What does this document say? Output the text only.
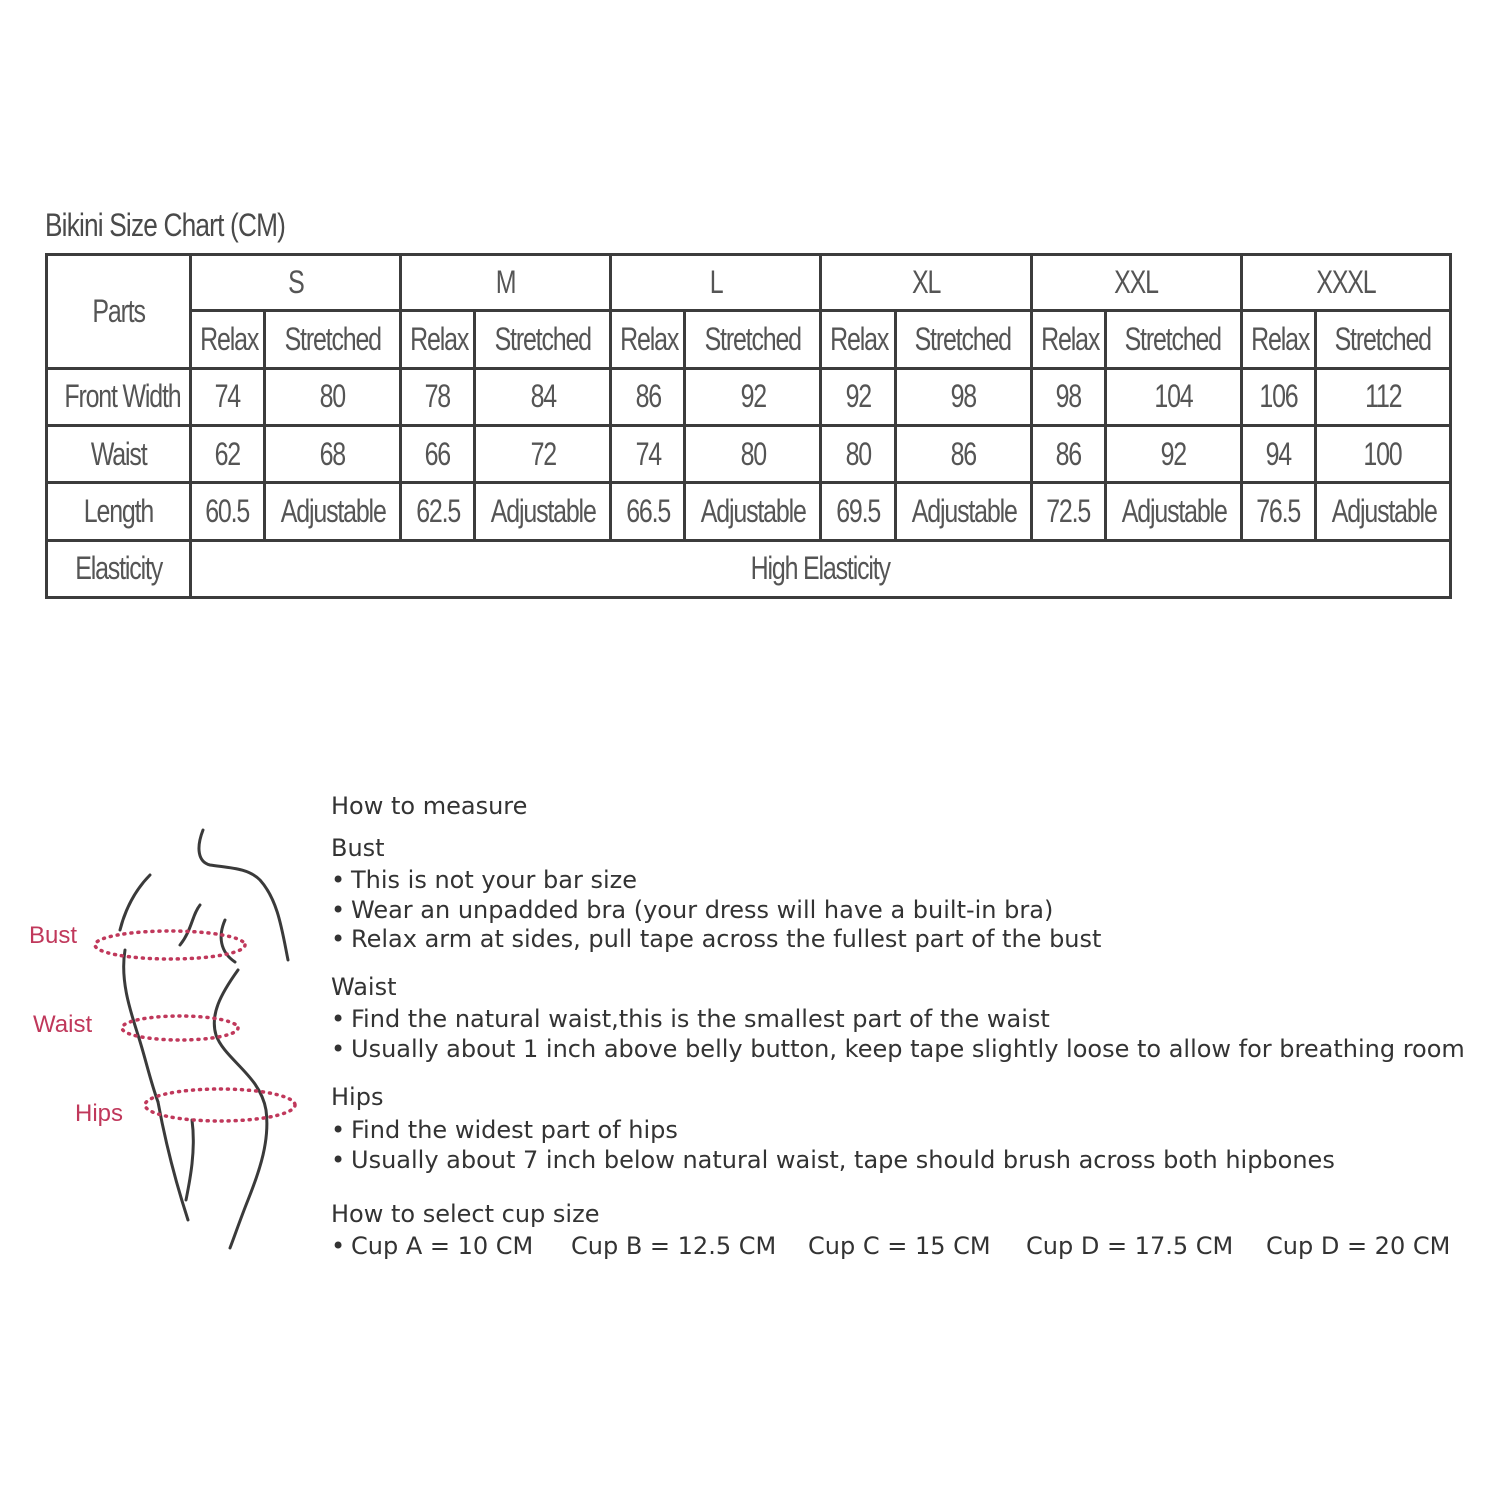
Bikini Size Chart (CM)
Parts	S		M		L		XL		XXL		XXXL	
	Relax	Stretched	Relax	Stretched	Relax	Stretched	Relax	Stretched	Relax	Stretched	Relax	Stretched
Front Width	74	80	78	84	86	92	92	98	98	104	106	112
Waist	62	68	66	72	74	80	80	86	86	92	94	100
Length	60.5	Adjustable	62.5	Adjustable	66.5	Adjustable	69.5	Adjustable	72.5	Adjustable	76.5	Adjustable
Elasticity	High Elasticity											
Bust
Waist
Hips
How to measure
Bust
• This is not your bar size
• Wear an unpadded bra (your dress will have a built-in bra)
• Relax arm at sides, pull tape across the fullest part of the bust
Waist
• Find the natural waist,this is the smallest part of the waist
• Usually about 1 inch above belly button, keep tape slightly loose to allow for breathing room
Hips
• Find the widest part of hips
• Usually about 7 inch below natural waist, tape should brush across both hipbones
How to select cup size
• Cup A = 10 CM Cup B = 12.5 CM Cup C = 15 CM Cup D = 17.5 CM Cup D = 20 CM
